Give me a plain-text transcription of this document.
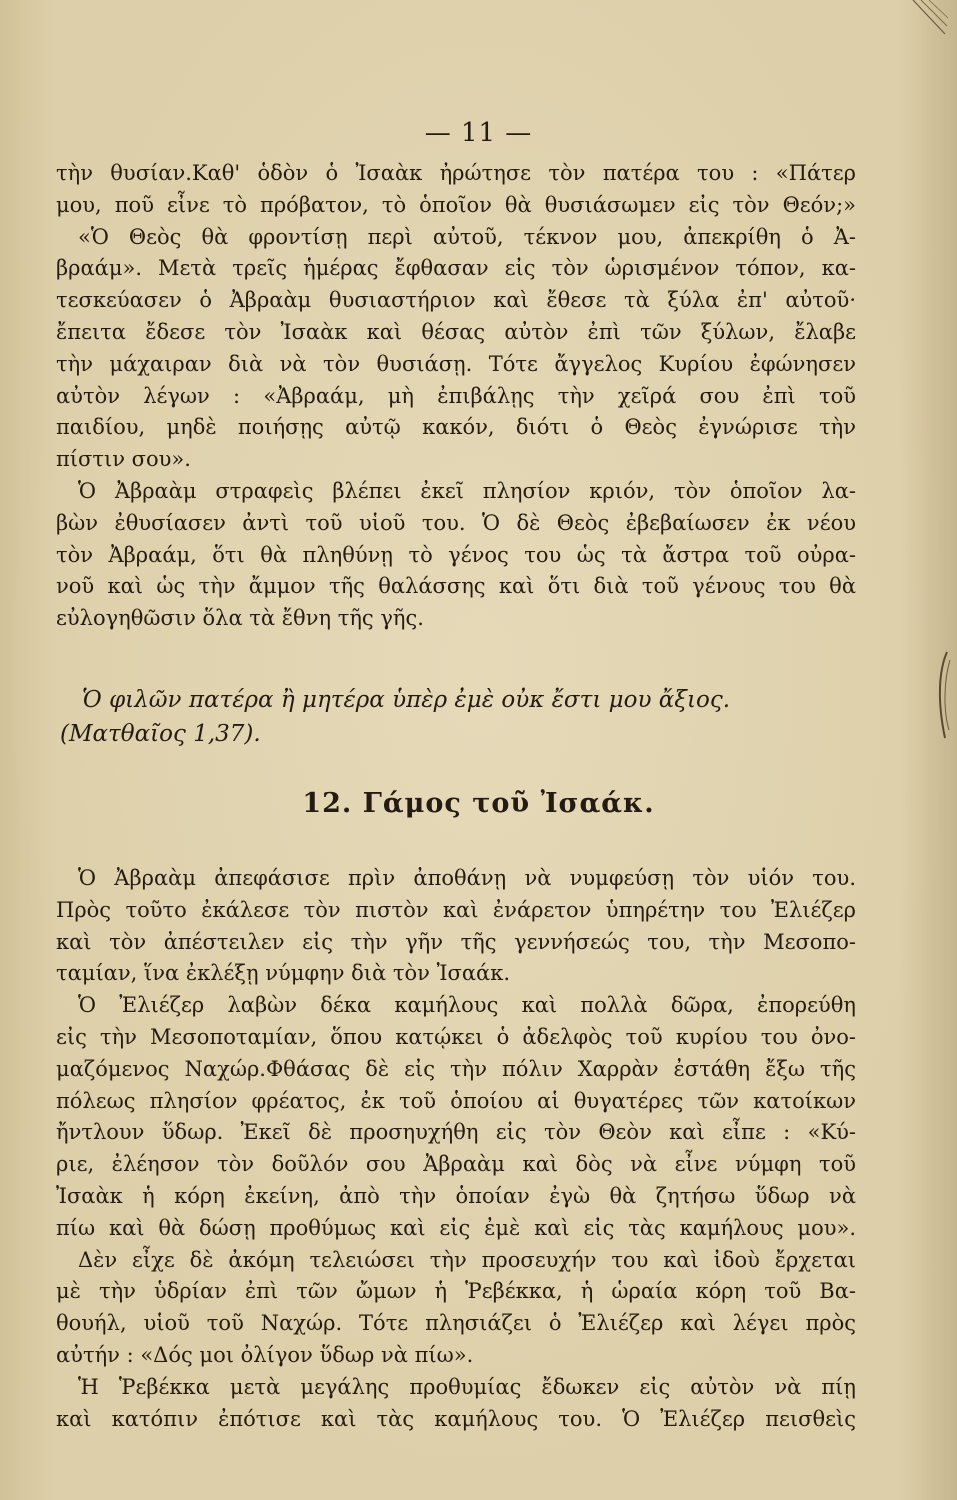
— 11 —
τὴν θυσίαν.Καθ' ὁδὸν ὁ Ἰσαὰκ ἠρώτησε τὸν πατέρα του : «Πάτερ
μου, ποῦ εἶνε τὸ πρόβατον, τὸ ὁποῖον θὰ θυσιάσωμεν εἰς τὸν Θεόν;»
«Ὁ Θεὸς θὰ φροντίσῃ περὶ αὐτοῦ, τέκνον μου, ἀπεκρίθη ὁ Ἀ-
βραάμ». Μετὰ τρεῖς ἡμέρας ἔφθασαν εἰς τὸν ὡρισμένον τόπον, κα-
τεσκεύασεν ὁ Ἀβραὰμ θυσιαστήριον καὶ ἔθεσε τὰ ξύλα ἐπ' αὐτοῦ·
ἔπειτα ἔδεσε τὸν Ἰσαὰκ καὶ θέσας αὐτὸν ἐπὶ τῶν ξύλων, ἔλαβε
τὴν μάχαιραν διὰ νὰ τὸν θυσιάσῃ. Τότε ἄγγελος Κυρίου ἐφώνησεν
αὐτὸν λέγων : «Ἀβραάμ, μὴ ἐπιβάλῃς τὴν χεῖρά σου ἐπὶ τοῦ
παιδίου, μηδὲ ποιήσῃς αὐτῷ κακόν, διότι ὁ Θεὸς ἐγνώρισε τὴν
πίστιν σου».
Ὁ Ἀβραὰμ στραφεὶς βλέπει ἐκεῖ πλησίον κριόν, τὸν ὁποῖον λα-
βὼν ἐθυσίασεν ἀντὶ τοῦ υἱοῦ του. Ὁ δὲ Θεὸς ἐβεβαίωσεν ἐκ νέου
τὸν Ἀβραάμ, ὅτι θὰ πληθύνῃ τὸ γένος του ὡς τὰ ἄστρα τοῦ οὐρα-
νοῦ καὶ ὡς τὴν ἄμμον τῆς θαλάσσης καὶ ὅτι διὰ τοῦ γένους του θὰ
εὐλογηθῶσιν ὅλα τὰ ἔθνη τῆς γῆς.
Ὁ φιλῶν πατέρα ἢ μητέρα ὑπὲρ ἐμὲ οὐκ ἔστι μου ἄξιος.
(Ματθαῖος 1,37).
12. Γάμος τοῦ Ἰσαάκ.
Ὁ Ἀβραὰμ ἀπεφάσισε πρὶν ἀποθάνῃ νὰ νυμφεύσῃ τὸν υἱόν του.
Πρὸς τοῦτο ἐκάλεσε τὸν πιστὸν καὶ ἐνάρετον ὑπηρέτην του Ἐλιέζερ
καὶ τὸν ἀπέστειλεν εἰς τὴν γῆν τῆς γεννήσεώς του, τὴν Μεσοπο-
ταμίαν, ἵνα ἐκλέξῃ νύμφην διὰ τὸν Ἰσαάκ.
Ὁ Ἐλιέζερ λαβὼν δέκα καμήλους καὶ πολλὰ δῶρα, ἐπορεύθη
εἰς τὴν Μεσοποταμίαν, ὅπου κατῴκει ὁ ἀδελφὸς τοῦ κυρίου του ὀνο-
μαζόμενος Ναχώρ.Φθάσας δὲ εἰς τὴν πόλιν Χαρρὰν ἐστάθη ἔξω τῆς
πόλεως πλησίον φρέατος, ἐκ τοῦ ὁποίου αἱ θυγατέρες τῶν κατοίκων
ἤντλουν ὕδωρ. Ἐκεῖ δὲ προσηυχήθη εἰς τὸν Θεὸν καὶ εἶπε : «Κύ-
ριε, ἐλέησον τὸν δοῦλόν σου Ἀβραὰμ καὶ δὸς νὰ εἶνε νύμφη τοῦ
Ἰσαὰκ ἡ κόρη ἐκείνη, ἀπὸ τὴν ὁποίαν ἐγὼ θὰ ζητήσω ὕδωρ νὰ
πίω καὶ θὰ δώσῃ προθύμως καὶ εἰς ἐμὲ καὶ εἰς τὰς καμήλους μου».
Δὲν εἶχε δὲ ἀκόμη τελειώσει τὴν προσευχήν του καὶ ἰδοὺ ἔρχεται
μὲ τὴν ὑδρίαν ἐπὶ τῶν ὤμων ἡ Ῥεβέκκα, ἡ ὡραία κόρη τοῦ Βα-
θουήλ, υἱοῦ τοῦ Ναχώρ. Τότε πλησιάζει ὁ Ἐλιέζερ καὶ λέγει πρὸς
αὐτήν : «Δός μοι ὀλίγον ὕδωρ νὰ πίω».
Ἡ Ῥεβέκκα μετὰ μεγάλης προθυμίας ἔδωκεν εἰς αὐτὸν νὰ πίῃ
καὶ κατόπιν ἐπότισε καὶ τὰς καμήλους του. Ὁ Ἐλιέζερ πεισθεὶς
